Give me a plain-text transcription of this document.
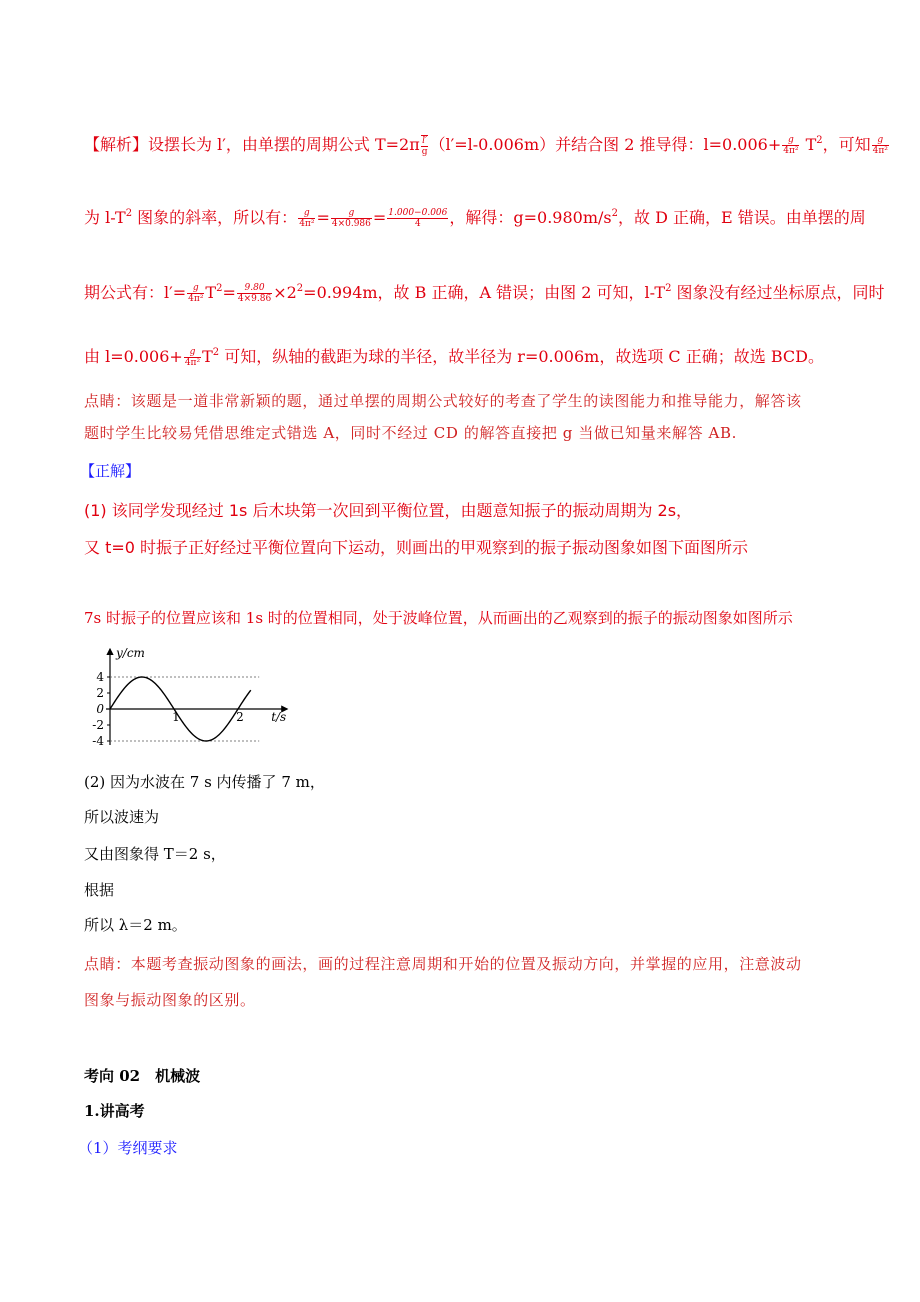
【解析】设摆长为 l′，由单摆的周期公式 $T=2\pi \frac{l'}{g} (l'=l-0.006m)$并结合图 2 推导得：$l=0.006+ \frac{g}{\text{4π²}} T^2$，可知 $\frac{g}{\text{4π²}}$
为 $l-T^2$ 图象的斜率，所以有： $\frac{g}{\text{4π²}} = \frac{g}{4\times 0.986} = \frac{1.000-0.006}{4}$ ，解得：$g=0.980m/s^2$，故 D 正确，E 错误。由单摆的周
期公式有：$l'= \frac{g}{\text{4π²}} T^2= \frac{9.80}{4\times 9.86} \times 2^2=0.994m$，故 B 正确，A 错误；由图 2 可知，$l-T^2$ 图象没有经过坐标原点，同时
由 $l=0.006+ \frac{g}{\text{4π²}} T^2$ 可知，纵轴的截距为球的半径，故半径为 r=0.006m，故选项 C 正确；故选 BCD。
点睛：该题是一道非常新颖的题，通过单摆的周期公式较好的考查了学生的读图能力和推导能力，解答该
题时学生比较易凭借思维定式错选 A，同时不经过 CD 的解答直接把 g 当做已知量来解答 AB.
【正解】
(1) 该同学发现经过 1s 后木块第一次回到平衡位置，由题意知振子的振动周期为 2s，
又 t=0 时振子正好经过平衡位置向下运动，则画出的甲观察到的振子振动图象如图下面图所示
7s 时振子的位置应该和 1s 时的位置相同，处于波峰位置，从而画出的乙观察到的振子的振动图象如图所示
4
2
0
-2
-4
1	2
y/cm
t/s
(2) 因为水波在 7 s 内传播了 7 m，
所以波速为
又由图象得 T＝2 s，
根据
所以 λ＝2 m。
点睛：本题考查振动图象的画法，画的过程注意周期和开始的位置及振动方向，并掌握的应用，注意波动
图象与振动图象的区别。
考向 02　机械波
1.讲高考
（1）考纲要求
